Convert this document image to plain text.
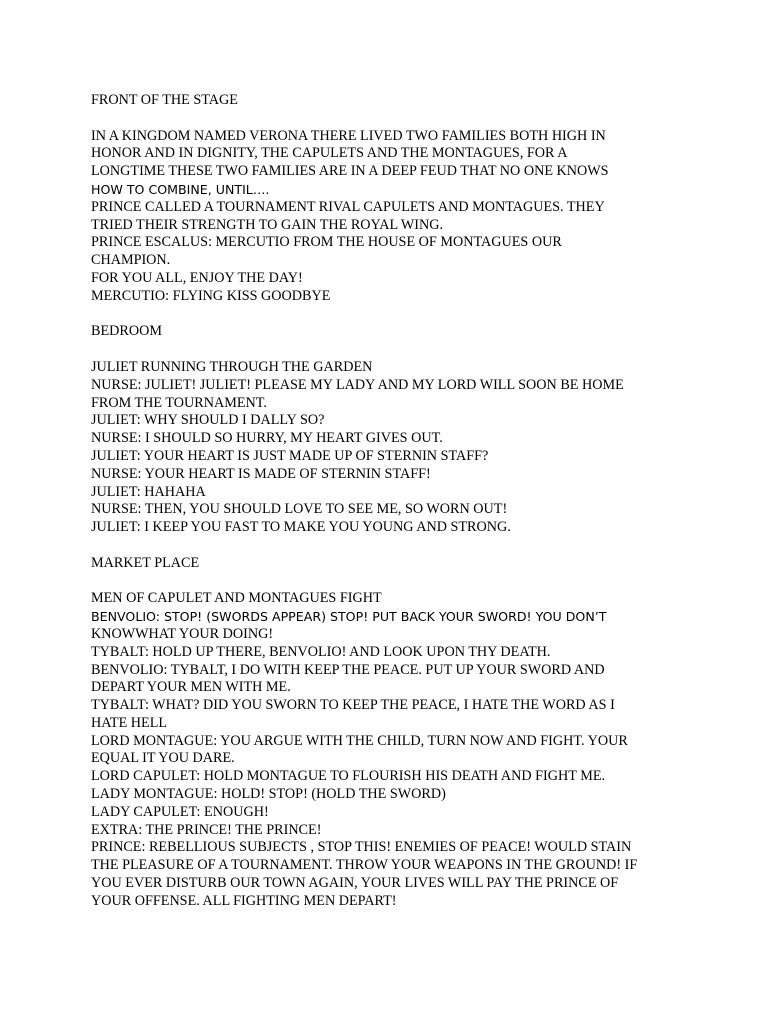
FRONT OF THE STAGE
IN A KINGDOM NAMED VERONA THERE LIVED TWO FAMILIES BOTH HIGH IN
HONOR AND IN DIGNITY, THE CAPULETS AND THE MONTAGUES, FOR A
LONGTIME THESE TWO FAMILIES ARE IN A DEEP FEUD THAT NO ONE KNOWS
HOW TO COMBINE, UNTIL….
PRINCE CALLED A TOURNAMENT RIVAL CAPULETS AND MONTAGUES. THEY
TRIED THEIR STRENGTH TO GAIN THE ROYAL WING.
PRINCE ESCALUS: MERCUTIO FROM THE HOUSE OF MONTAGUES OUR
CHAMPION.
FOR YOU ALL, ENJOY THE DAY!
MERCUTIO: FLYING KISS GOODBYE
BEDROOM
JULIET RUNNING THROUGH THE GARDEN
NURSE: JULIET! JULIET! PLEASE MY LADY AND MY LORD WILL SOON BE HOME
FROM THE TOURNAMENT.
JULIET: WHY SHOULD I DALLY SO?
NURSE: I SHOULD SO HURRY, MY HEART GIVES OUT.
JULIET: YOUR HEART IS JUST MADE UP OF STERNIN STAFF?
NURSE: YOUR HEART IS MADE OF STERNIN STAFF!
JULIET: HAHAHA
NURSE: THEN, YOU SHOULD LOVE TO SEE ME, SO WORN OUT!
JULIET: I KEEP YOU FAST TO MAKE YOU YOUNG AND STRONG.
MARKET PLACE
MEN OF CAPULET AND MONTAGUES FIGHT
BENVOLIO: STOP! (SWORDS APPEAR) STOP! PUT BACK YOUR SWORD! YOU DON’T
KNOWWHAT YOUR DOING!
TYBALT: HOLD UP THERE, BENVOLIO! AND LOOK UPON THY DEATH.
BENVOLIO: TYBALT, I DO WITH KEEP THE PEACE. PUT UP YOUR SWORD AND
DEPART YOUR MEN WITH ME.
TYBALT: WHAT? DID YOU SWORN TO KEEP THE PEACE, I HATE THE WORD AS I
HATE HELL
LORD MONTAGUE: YOU ARGUE WITH THE CHILD, TURN NOW AND FIGHT. YOUR
EQUAL IT YOU DARE.
LORD CAPULET: HOLD MONTAGUE TO FLOURISH HIS DEATH AND FIGHT ME.
LADY MONTAGUE: HOLD! STOP! (HOLD THE SWORD)
LADY CAPULET: ENOUGH!
EXTRA: THE PRINCE! THE PRINCE!
PRINCE: REBELLIOUS SUBJECTS , STOP THIS! ENEMIES OF PEACE! WOULD STAIN
THE PLEASURE OF A TOURNAMENT. THROW YOUR WEAPONS IN THE GROUND! IF
YOU EVER DISTURB OUR TOWN AGAIN, YOUR LIVES WILL PAY THE PRINCE OF
YOUR OFFENSE. ALL FIGHTING MEN DEPART!
